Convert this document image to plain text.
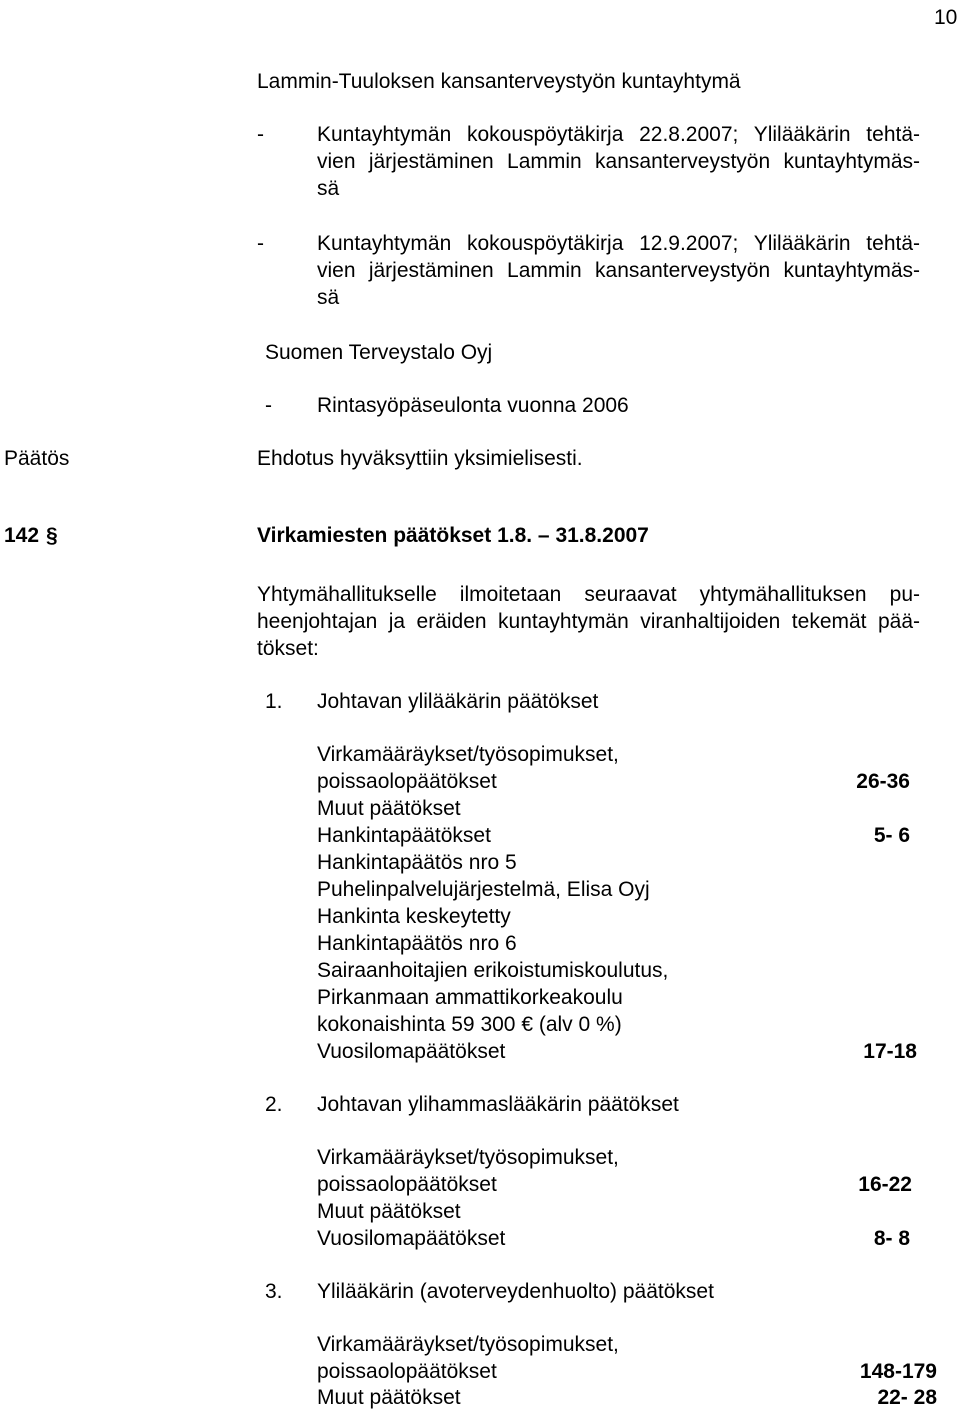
10
Lammin-Tuuloksen kansanterveystyön kuntayhtymä
-	Kuntayhtymän kokouspöytäkirja 22.8.2007; Ylilääkärin tehtä-
vien järjestäminen Lammin kansanterveystyön kuntayhtymäs-
sä
-	Kuntayhtymän kokouspöytäkirja 12.9.2007; Ylilääkärin tehtä-
vien järjestäminen Lammin kansanterveystyön kuntayhtymäs-
sä
Suomen Terveystalo Oyj
- Rintasyöpäseulonta vuonna 2006
Päätös	Ehdotus hyväksyttiin yksimielisesti.
142 §	Virkamiesten päätökset 1.8. – 31.8.2007
Yhtymähallitukselle ilmoitetaan seuraavat yhtymähallituksen pu-
heenjohtajan ja eräiden kuntayhtymän viranhaltijoiden tekemät pää-
tökset:
1. Johtavan ylilääkärin päätökset
Virkamääräykset/työsopimukset,
poissaolopäätökset	26-36
Muut päätökset
Hankintapäätökset	5- 6
Hankintapäätös nro 5
Puhelinpalvelujärjestelmä, Elisa Oyj
Hankinta keskeytetty
Hankintapäätös nro 6
Sairaanhoitajien erikoistumiskoulutus,
Pirkanmaan ammattikorkeakoulu
kokonaishinta 59 300 € (alv 0 %)
Vuosilomapäätökset	17-18
2. Johtavan ylihammaslääkärin päätökset
Virkamääräykset/työsopimukset,
poissaolopäätökset	16-22
Muut päätökset
Vuosilomapäätökset	8- 8
3. Ylilääkärin (avoterveydenhuolto) päätökset
Virkamääräykset/työsopimukset,
poissaolopäätökset	148-179
Muut päätökset	22- 28
